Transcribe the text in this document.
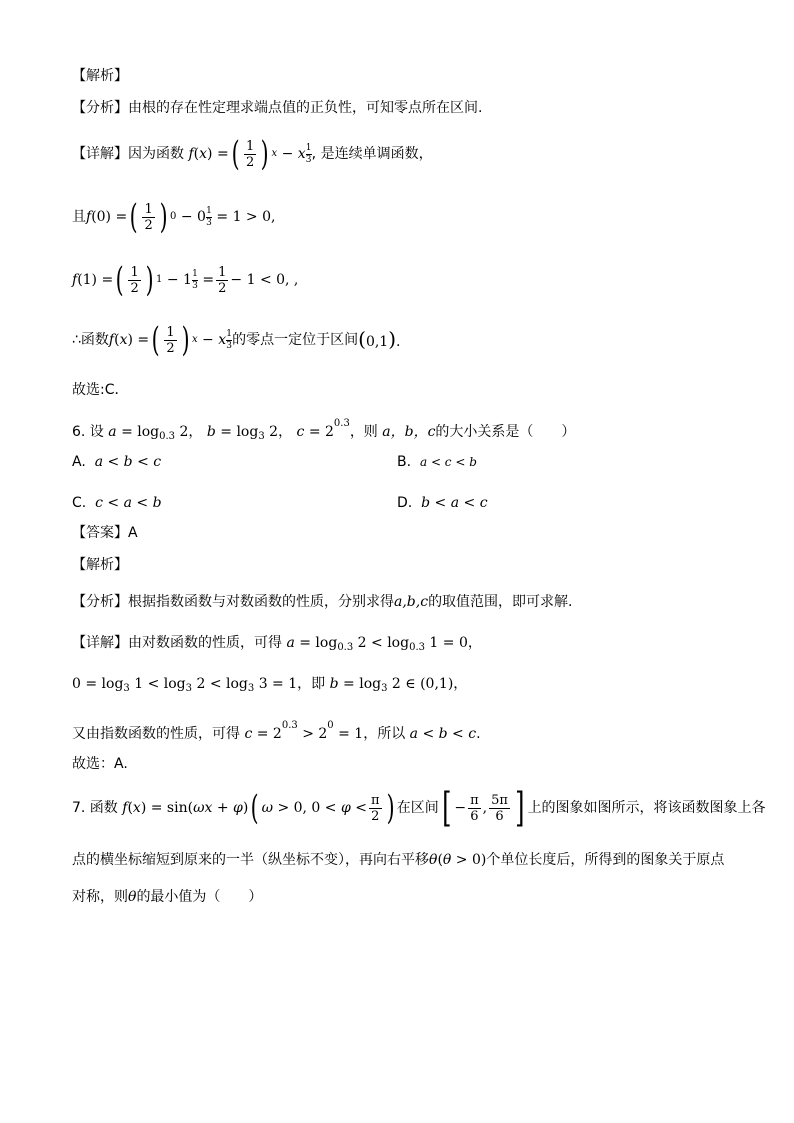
【解析】
【分析】由根的存在性定理求端点值的正负性，可知零点所在区间.
【详解】 因为函数 f(x) = ( $\frac{1}{2}$ ) x − x 1
3 , 是连续单调函数，
且 f(0) = ( $\frac{1}{2}$ ) 0 − 0 1
3 = 1 > 0,
f(1) = ( $\frac{1}{2}$ ) 1 − 1 1
$3 = \frac{1}{2} - 1 < 0$, ,
∴函数 f(x) = ( $\frac{1}{2}$ ) x − x 1
3 的零点一定位于区间 (0,1).
故选:C．
6. 设 $a = \log_{0.3} 2$， $b = \log_3 2$， $c = 2^{0.3}$，则 a，b，c的大小关系是（　　）
A. a < b < c	B. a < c < b
C. c < a < b	D. b < a < c
【答案】A
【解析】
【分析】根据指数函数与对数函数的性质，分别求得a,b,c的取值范围，即可求解.
【详解】由对数函数的性质，可得 $a = \log_{0.3} 2 < \log_{0.3} 1 = 0$，
$0 = \log_3 1 < \log_3 2 < \log_3 3 = 1$，即 $b = \log_3 2$ ∈ (0,1)，
又由指数函数的性质，可得 $c = 2^{0.3} > 2^0 = 1$，所以 a < b < c.
故选：A.
7. 函数 f(x) = sin(ωx + φ) ( ω > 0, $0 < \varphi < \frac{\pi}{2}$ ) 在区间 [ − $\frac{\pi}{6}$ , $\frac{5\pi}{6}$ ] 上的图象如图所示，将该函数图象上各
点的横坐标缩短到原来的一半（纵坐标不变），再向右平移θ(θ > 0)个单位长度后，所得到的图象关于原点
对称，则θ的最小值为（　　）
